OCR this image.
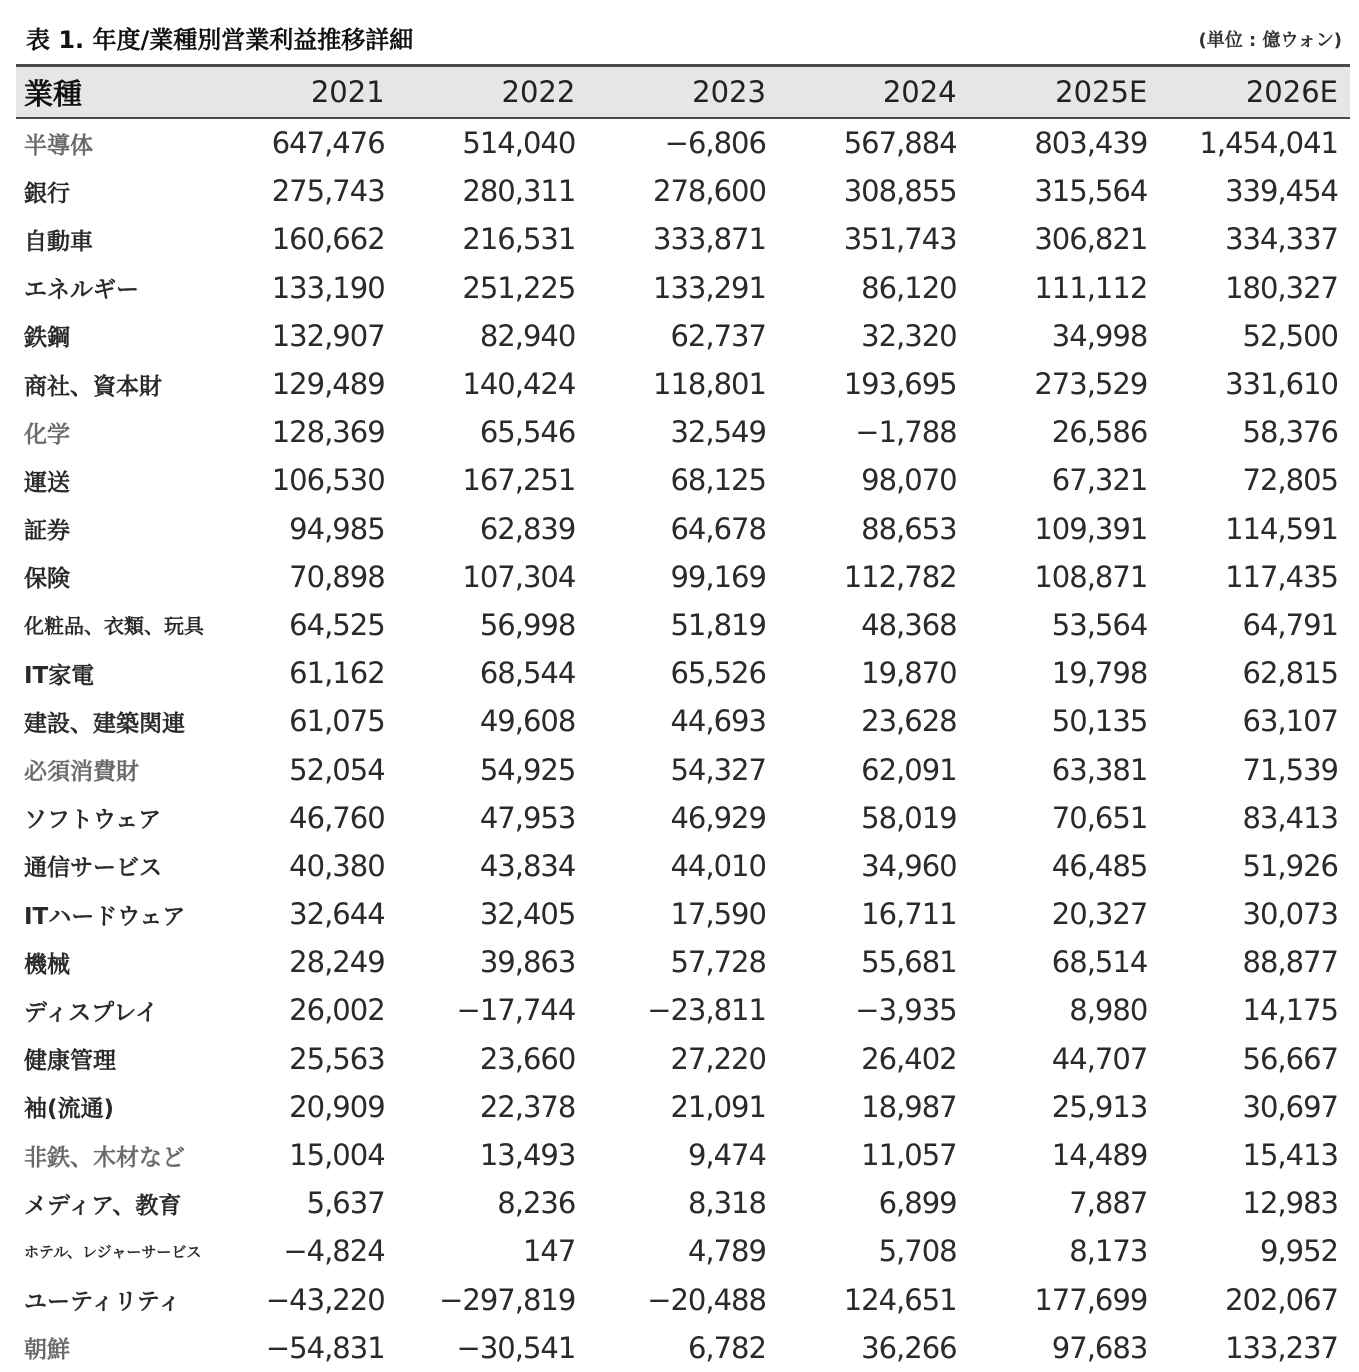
表 1. 年度/業種別営業利益推移詳細	(単位 : 億ウォン)
業種	2021	2022	2023	2024	2025E	2026E
半導体	647,476	514,040	−6,806	567,884	803,439	1,454,041
銀行	275,743	280,311	278,600	308,855	315,564	339,454
自動車	160,662	216,531	333,871	351,743	306,821	334,337
エネルギー	133,190	251,225	133,291	86,120	111,112	180,327
鉄鋼	132,907	82,940	62,737	32,320	34,998	52,500
商社、資本財	129,489	140,424	118,801	193,695	273,529	331,610
化学	128,369	65,546	32,549	−1,788	26,586	58,376
運送	106,530	167,251	68,125	98,070	67,321	72,805
証券	94,985	62,839	64,678	88,653	109,391	114,591
保険	70,898	107,304	99,169	112,782	108,871	117,435
化粧品、衣類、玩具	64,525	56,998	51,819	48,368	53,564	64,791
IT家電	61,162	68,544	65,526	19,870	19,798	62,815
建設、建築関連	61,075	49,608	44,693	23,628	50,135	63,107
必須消費財	52,054	54,925	54,327	62,091	63,381	71,539
ソフトウェア	46,760	47,953	46,929	58,019	70,651	83,413
通信サービス	40,380	43,834	44,010	34,960	46,485	51,926
ITハードウェア	32,644	32,405	17,590	16,711	20,327	30,073
機械	28,249	39,863	57,728	55,681	68,514	88,877
ディスプレイ	26,002	−17,744	−23,811	−3,935	8,980	14,175
健康管理	25,563	23,660	27,220	26,402	44,707	56,667
袖(流通)	20,909	22,378	21,091	18,987	25,913	30,697
非鉄、木材など	15,004	13,493	9,474	11,057	14,489	15,413
メディア、教育	5,637	8,236	8,318	6,899	7,887	12,983
ホテル、レジャーサービス	−4,824	147	4,789	5,708	8,173	9,952
ユーティリティ	−43,220	−297,819	−20,488	124,651	177,699	202,067
朝鮮	−54,831	−30,541	6,782	36,266	97,683	133,237
